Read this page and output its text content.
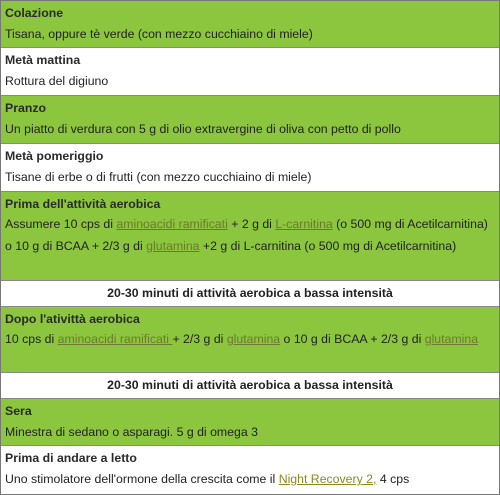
Colazione
Tisana, oppure tè verde (con mezzo cucchiaino di miele)
Metà mattina
Rottura del digiuno
Pranzo
Un piatto di verdura con 5 g di olio extravergine di oliva con petto di pollo
Metà pomeriggio
Tisane di erbe o di frutti (con mezzo cucchiaino di miele)
Prima dell'attività aerobica
Assumere 10 cps di aminoacidi ramificati + 2 g di L-carnitina (o 500 mg di Acetilcarnitina) o 10 g di BCAA + 2/3 g di glutamina +2 g di L-carnitina (o 500 mg di Acetilcarnitina)
20-30 minuti di attività aerobica a bassa intensità
Dopo l'ativittà aerobica
10 cps di aminoacidi ramificati + 2/3 g di glutamina o 10 g di BCAA + 2/3 g di glutamina
20-30 minuti di attività aerobica a bassa intensità
Sera
Minestra di sedano o asparagi. 5 g di omega 3
Prima di andare a letto
Uno stimolatore dell'ormone della crescita come il Night Recovery 2, 4 cps
